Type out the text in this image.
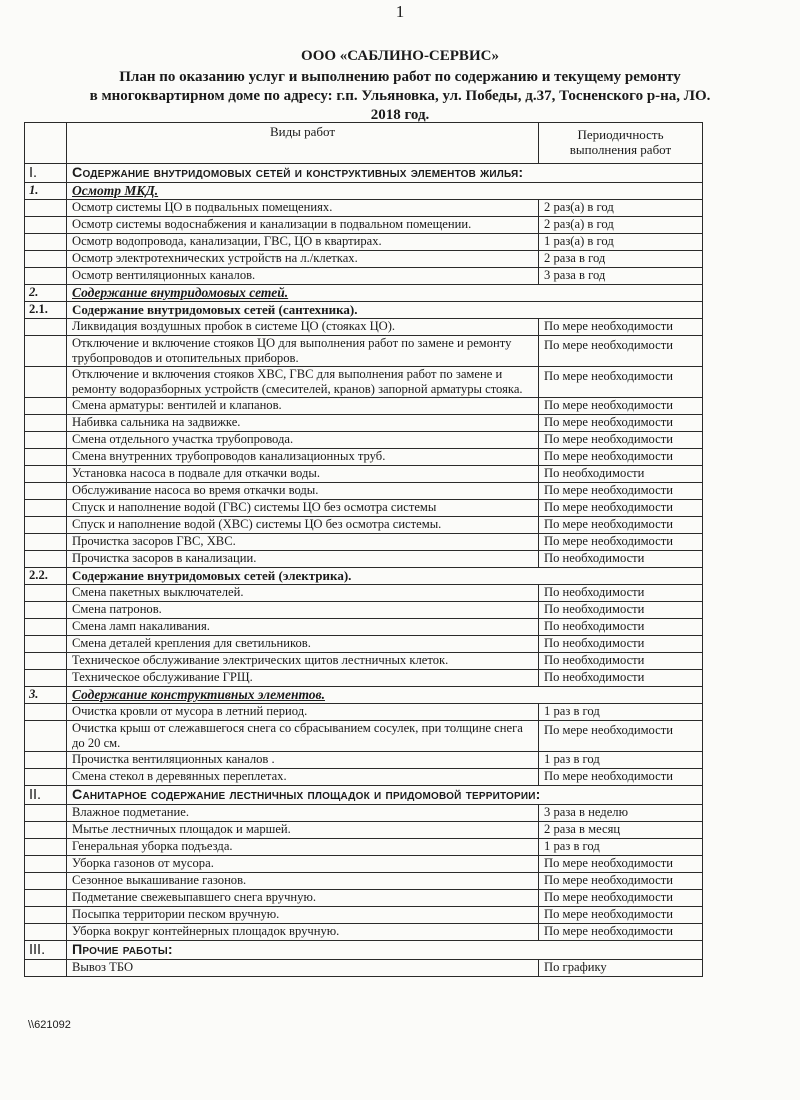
1
ООО «САБЛИНО-СЕРВИС»
План по оказанию услуг и выполнению работ по содержанию и текущему ремонту
в многоквартирном доме по адресу: г.п. Ульяновка, ул. Победы, д.37, Тосненского р-на, ЛО.
2018 год.
	Виды работ	Периодичность
выполнения работ
I.	Содержание внутридомовых сетей и конструктивных элементов жилья:	
1.	Осмотр МКД.	
	Осмотр системы ЦО в подвальных помещениях.	2 раз(а) в год
	Осмотр системы водоснабжения и канализации в подвальном помещении.	2 раз(а) в год
	Осмотр водопровода, канализации, ГВС, ЦО в квартирах.	1 раз(а) в год
	Осмотр электротехнических устройств на л./клетках.	2 раза в год
	Осмотр вентиляционных каналов.	3 раза в год
2.	Содержание внутридомовых сетей.	
2.1.	Содержание внутридомовых сетей (сантехника).	
	Ликвидация воздушных пробок в системе ЦО (стояках ЦО).	По мере необходимости
	Отключение и включение стояков ЦО для выполнения работ по замене и ремонту трубопроводов и отопительных приборов.	По мере необходимости
	Отключение и включения стояков ХВС, ГВС для выполнения работ по замене и ремонту водоразборных устройств (смесителей, кранов) запорной арматуры стояка.	По мере необходимости
	Смена арматуры: вентилей и клапанов.	По мере необходимости
	Набивка сальника на задвижке.	По мере необходимости
	Смена отдельного участка трубопровода.	По мере необходимости
	Смена внутренних трубопроводов канализационных труб.	По мере необходимости
	Установка насоса в подвале для откачки воды.	По необходимости
	Обслуживание насоса во время откачки воды.	По мере необходимости
	Спуск и наполнение водой (ГВС) системы ЦО без осмотра системы	По мере необходимости
	Спуск и наполнение водой (ХВС) системы ЦО без осмотра системы.	По мере необходимости
	Прочистка засоров ГВС, ХВС.	По мере необходимости
	Прочистка засоров в канализации.	По необходимости
2.2.	Содержание внутридомовых сетей (электрика).	
	Смена пакетных выключателей.	По необходимости
	Смена патронов.	По необходимости
	Смена ламп накаливания.	По необходимости
	Смена деталей крепления для светильников.	По необходимости
	Техническое обслуживание электрических щитов лестничных клеток.	По необходимости
	Техническое обслуживание ГРЩ.	По необходимости
3.	Содержание конструктивных элементов.	
	Очистка кровли от мусора в летний период.	1 раз в год
	Очистка крыш от слежавшегося снега со сбрасыванием сосулек, при толщине снега до 20 см.	По мере необходимости
	Прочистка вентиляционных каналов .	1 раз в год
	Смена стекол в деревянных переплетах.	По мере необходимости
II.	Санитарное содержание лестничных площадок и придомовой территории:	
	Влажное подметание.	3 раза в неделю
	Мытье лестничных площадок и маршей.	2 раза в месяц
	Генеральная уборка подъезда.	1 раз в год
	Уборка газонов от мусора.	По мере необходимости
	Сезонное выкашивание газонов.	По мере необходимости
	Подметание свежевыпавшего снега вручную.	По мере необходимости
	Посыпка территории песком вручную.	По мере необходимости
	Уборка вокруг контейнерных площадок вручную.	По мере необходимости
III.	Прочие работы:	
	Вывоз ТБО	По графику
\\621092
